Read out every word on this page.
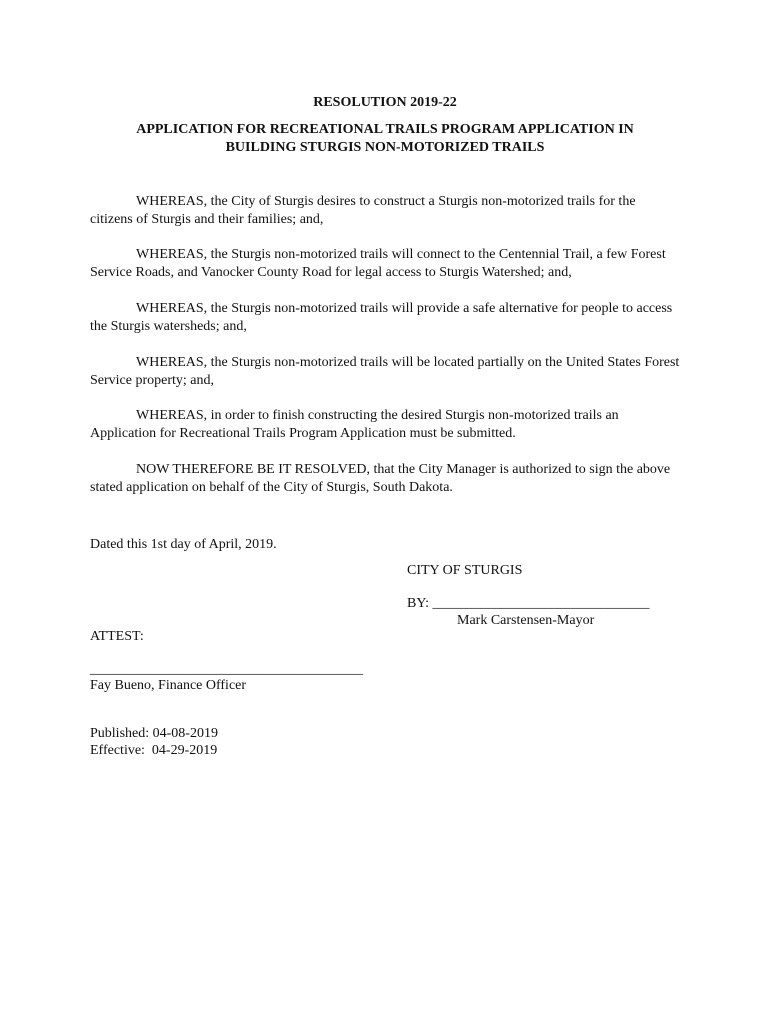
RESOLUTION 2019-22

APPLICATION FOR RECREATIONAL TRAILS PROGRAM APPLICATION IN

BUILDING STURGIS NON-MOTORIZED TRAILS

WHEREAS, the City of Sturgis desires to construct a Sturgis non-motorized trails for the citizens of Sturgis and their families; and,

WHEREAS, the Sturgis non-motorized trails will connect to the Centennial Trail, a few Forest Service Roads, and Vanocker County Road for legal access to Sturgis Watershed; and,

WHEREAS, the Sturgis non-motorized trails will provide a safe alternative for people to access the Sturgis watersheds; and,

WHEREAS, the Sturgis non-motorized trails will be located partially on the United States Forest Service property; and,

WHEREAS, in order to finish constructing the desired Sturgis non-motorized trails an Application for Recreational Trails Program Application must be submitted.

NOW THEREFORE BE IT RESOLVED, that the City Manager is authorized to sign the above stated application on behalf of the City of Sturgis, South Dakota.

Dated this 1st day of April, 2019.

CITY OF STURGIS

BY: _______________________________

Mark Carstensen-Mayor

ATTEST:

_______________________________________

Fay Bueno, Finance Officer

Published: 04-08-2019

Effective:  04-29-2019
